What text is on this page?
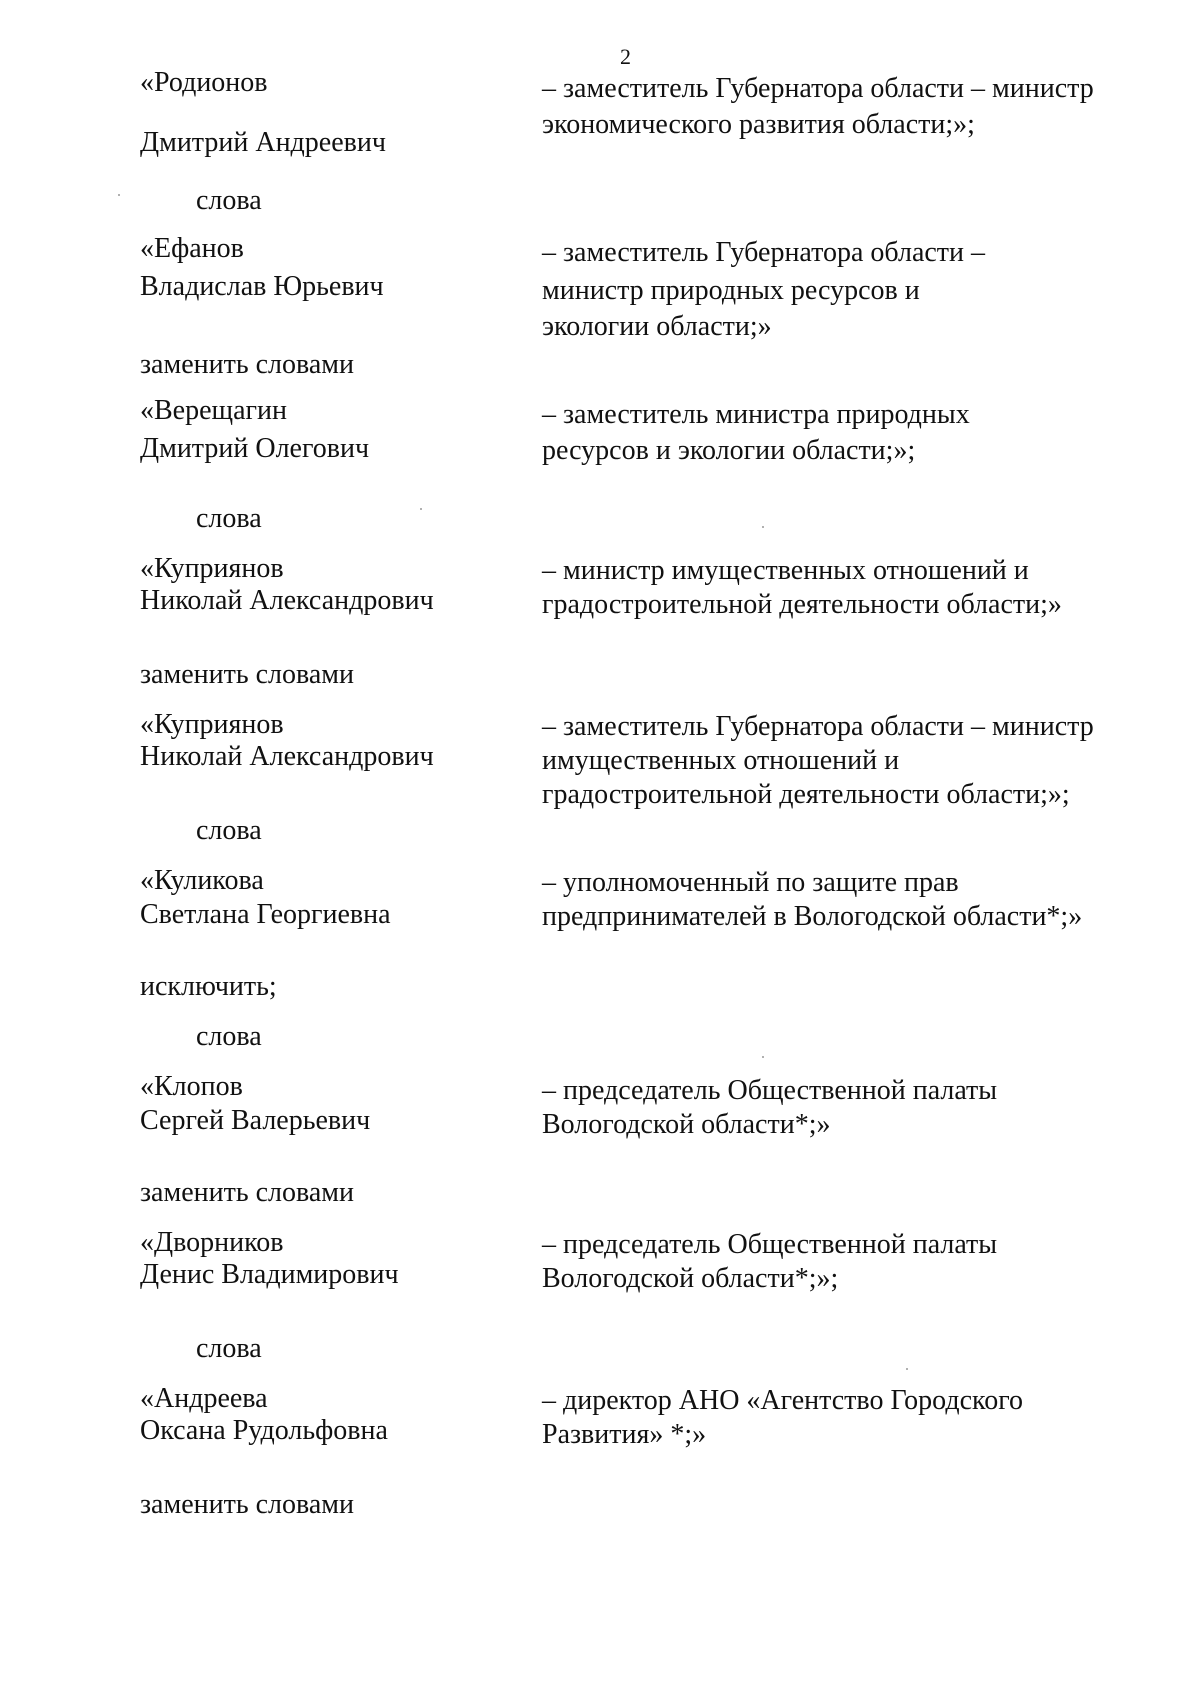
2
«Родионов
Дмитрий Андреевич
– заместитель Губернатора области – министр
экономического развития области;»;
слова
«Ефанов
Владислав Юрьевич
– заместитель Губернатора области –
министр природных ресурсов и
экологии области;»
заменить словами
«Верещагин
Дмитрий Олегович
– заместитель министра природных
ресурсов и экологии области;»;
слова
«Куприянов
Николай Александрович
– министр имущественных отношений и
градостроительной деятельности области;»
заменить словами
«Куприянов
Николай Александрович
– заместитель Губернатора области – министр
имущественных отношений и
градостроительной деятельности области;»;
слова
«Куликова
Светлана Георгиевна
– уполномоченный по защите прав
предпринимателей в Вологодской области*;»
исключить;
слова
«Клопов
Сергей Валерьевич
– председатель Общественной палаты
Вологодской области*;»
заменить словами
«Дворников
Денис Владимирович
– председатель Общественной палаты
Вологодской области*;»;
слова
«Андреева
Оксана Рудольфовна
– директор АНО «Агентство Городского
Развития» *;»
заменить словами
